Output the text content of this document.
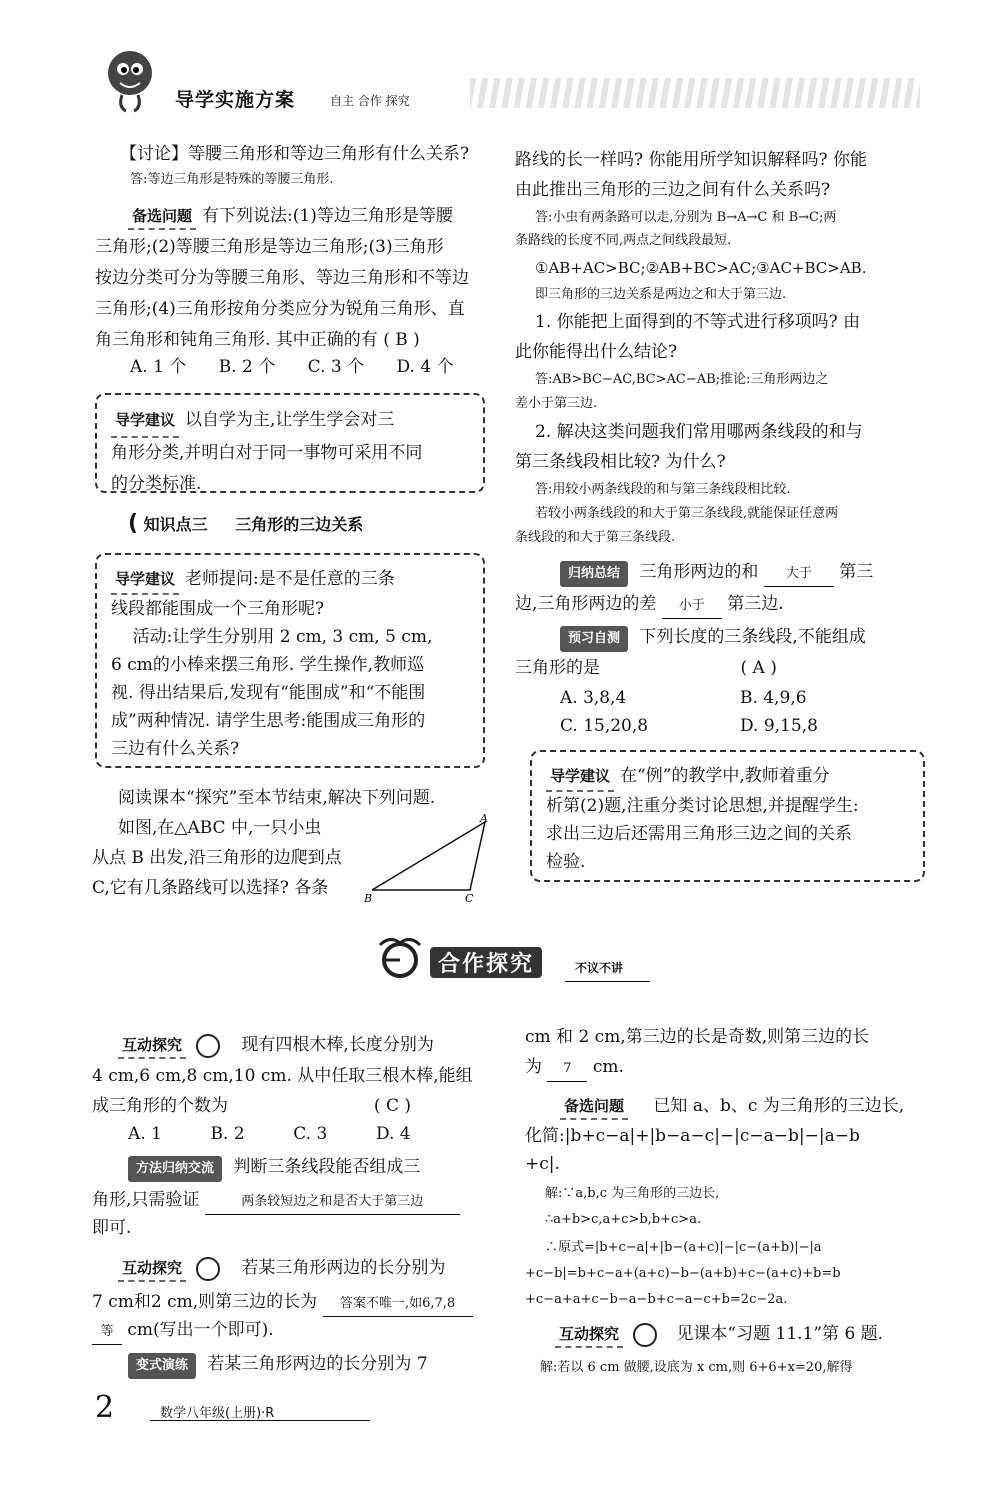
导学实施方案	自主 合作 探究
【讨论】等腰三角形和等边三角形有什么关系?
答:等边三角形是特殊的等腰三角形.
备选问题 有下列说法:(1)等边三角形是等腰
三角形;(2)等腰三角形是等边三角形;(3)三角形
按边分类可分为等腰三角形、等边三角形和不等边
三角形;(4)三角形按角分类应分为锐角三角形、直
角三角形和钝角三角形. 其中正确的有 ( B )
A. 1 个      B. 2 个      C. 3 个      D. 4 个
导学建议 以自学为主,让学生学会对三
角形分类,并明白对于同一事物可采用不同
的分类标准.
( 知识点三 三角形的三边关系
导学建议 老师提问:是不是任意的三条
线段都能围成一个三角形呢?
活动:让学生分别用 2 cm, 3 cm, 5 cm,
6 cm的小棒来摆三角形. 学生操作,教师巡
视. 得出结果后,发现有“能围成”和“不能围
成”两种情况. 请学生思考:能围成三角形的
三边有什么关系?
阅读课本“探究”至本节结束,解决下列问题.
如图,在△ABC 中,一只小虫
从点 B 出发,沿三角形的边爬到点
C,它有几条路线可以选择? 各条
A
B	C
路线的长一样吗? 你能用所学知识解释吗? 你能
由此推出三角形的三边之间有什么关系吗?
答:小虫有两条路可以走,分别为 B→A→C 和 B→C;两
条路线的长度不同,两点之间线段最短.
①AB+AC>BC;②AB+BC>AC;③AC+BC>AB.
即三角形的三边关系是两边之和大于第三边.
1. 你能把上面得到的不等式进行移项吗? 由
此你能得出什么结论?
答:AB>BC−AC,BC>AC−AB;推论:三角形两边之
差小于第三边.
2. 解决这类问题我们常用哪两条线段的和与
第三条线段相比较? 为什么?
答:用较小两条线段的和与第三条线段相比较.
若较小两条线段的和大于第三条线段,就能保证任意两
条线段的和大于第三条线段.
归纳总结 三角形两边的和 大于 第三
边,三角形两边的差 小于 第三边.
预习自测 下列长度的三条线段,不能组成
三角形的是                          ( A )
A. 3,8,4	B. 4,9,6
C. 15,20,8	D. 9,15,8
导学建议 在“例”的教学中,教师着重分
析第(2)题,注重分类讨论思想,并提醒学生:
求出三边后还需用三角形三边之间的关系
检验.
合作探究	不议不讲
互动探究	现有四根木棒,长度分别为
4 cm,6 cm,8 cm,10 cm. 从中任取三根木棒,能组
成三角形的个数为                           ( C )
A. 1         B. 2         C. 3         D. 4
方法归纳交流 判断三条线段能否组成三
角形,只需验证	两条较短边之和是否大于第三边
即可.
互动探究	若某三角形两边的长分别为
7 cm和2 cm,则第三边的长为 答案不唯一,如6,7,8
等 cm(写出一个即可).
变式演练 若某三角形两边的长分别为 7
cm 和 2 cm,第三边的长是奇数,则第三边的长
为 7 cm.
备选问题 已知 a、b、c 为三角形的三边长,
化简:|b+c−a|+|b−a−c|−|c−a−b|−|a−b
+c|.
解:∵a,b,c 为三角形的三边长,
∴a+b>c,a+c>b,b+c>a.
∴原式=|b+c−a|+|b−(a+c)|−|c−(a+b)|−|a
+c−b|=b+c−a+(a+c)−b−(a+b)+c−(a+c)+b=b
+c−a+a+c−b−a−b+c−a−c+b=2c−2a.
互动探究	见课本“习题 11.1”第 6 题.
解:若以 6 cm 做腰,设底为 x cm,则 6+6+x=20,解得
2	数学八年级(上册)·R
